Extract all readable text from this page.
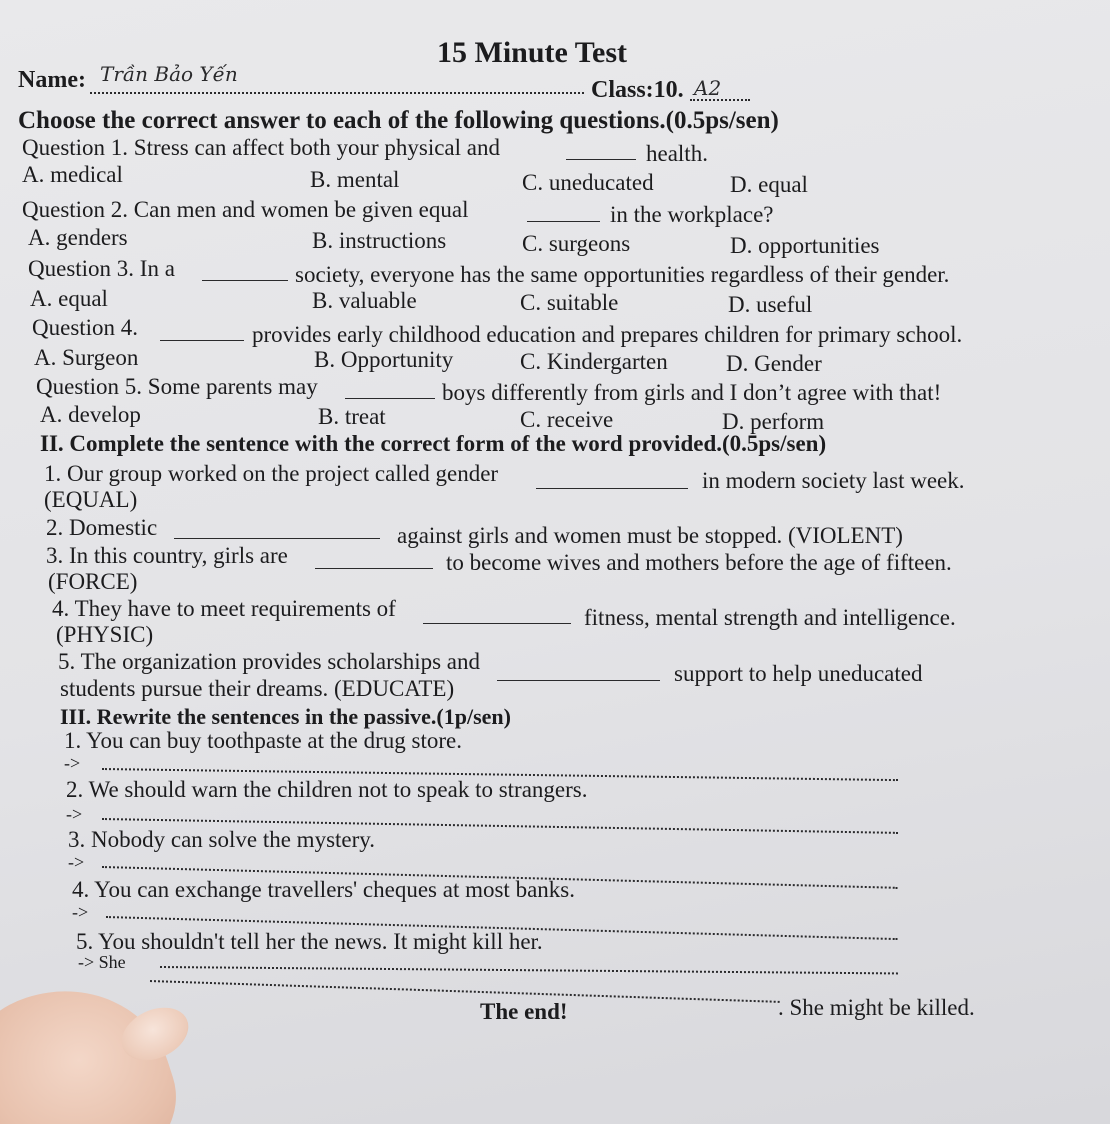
15 Minute Test
Name: Trần Bảo Yến
Class:10. A2
Choose the correct answer to each of the following questions.(0.5ps/sen)
Question 1. Stress can affect both your physical and	health.
A. medical	B. mental	C. uneducated	D. equal
Question 2. Can men and women be given equal	in the workplace?
A. genders	B. instructions	C. surgeons	D. opportunities
Question 3. In a	society, everyone has the same opportunities regardless of their gender.
A. equal	B. valuable	C. suitable	D. useful
Question 4.	provides early childhood education and prepares children for primary school.
A. Surgeon	B. Opportunity	C. Kindergarten	D. Gender
Question 5. Some parents may	boys differently from girls and I don’t agree with that!
A. develop	B. treat	C. receive	D. perform
II. Complete the sentence with the correct form of the word provided.(0.5ps/sen)
1. Our group worked on the project called gender	in modern society last week.
(EQUAL)
2. Domestic	against girls and women must be stopped. (VIOLENT)
3. In this country, girls are	to become wives and mothers before the age of fifteen.
(FORCE)
4. They have to meet requirements of	fitness, mental strength and intelligence.
(PHYSIC)
5. The organization provides scholarships and	support to help uneducated
students pursue their dreams. (EDUCATE)
III. Rewrite the sentences in the passive.(1p/sen)
1. You can buy toothpaste at the drug store.
->
2. We should warn the children not to speak to strangers.
->
3. Nobody can solve the mystery.
->
4. You can exchange travellers' cheques at most banks.
->
5. You shouldn't tell her the news. It might kill her.
-> She
. She might be killed.
The end!
